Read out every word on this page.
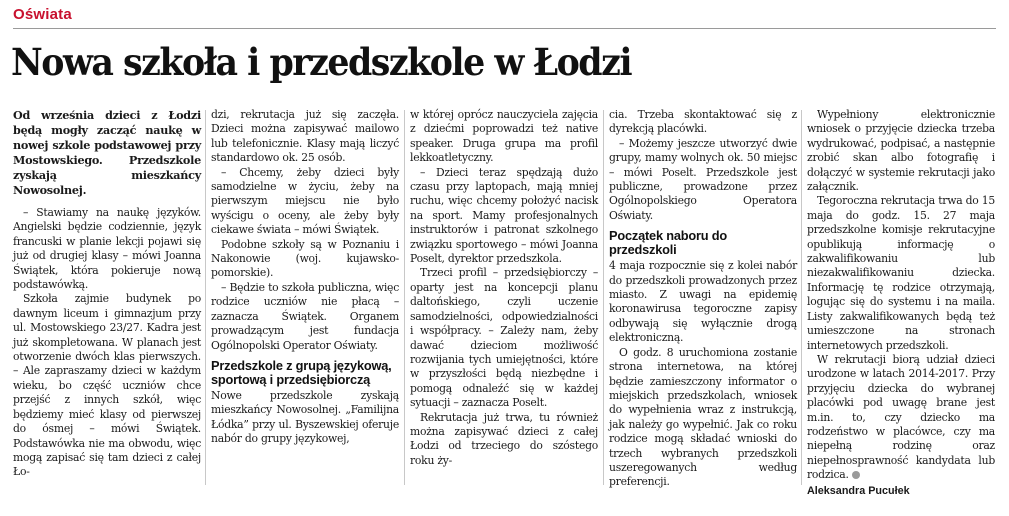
Oświata
Nowa szkoła i przedszkole w Łodzi

Od września dzieci z Łodzi będą mogły zacząć naukę w nowej szkole podstawowej przy Mostowskiego. Przedszkole zyskają mieszkańcy Nowosolnej.

– Stawiamy na naukę języków. Angielski będzie codziennie, język francuski w planie lekcji pojawi się już od drugiej klasy – mówi Joanna Świątek, która pokieruje nową podstawówką.

Szkoła zajmie budynek po dawnym liceum i gimnazjum przy ul. Mostowskiego 23/27. Kadra jest już skompletowana. W planach jest otworzenie dwóch klas pierwszych. – Ale zapraszamy dzieci w każdym wieku, bo część uczniów chce przejść z innych szkół, więc będziemy mieć klasy od pierwszej do ósmej – mówi Świątek. Podstawówka nie ma obwodu, więc mogą zapisać się tam dzieci z całej Ło-

dzi, rekrutacja już się zaczęła. Dzieci można zapisywać mailowo lub telefonicznie. Klasy mają liczyć standardowo ok. 25 osób.

– Chcemy, żeby dzieci były samodzielne w życiu, żeby na pierwszym miejscu nie było wyścigu o oceny, ale żeby były ciekawe świata – mówi Świątek.

Podobne szkoły są w Poznaniu i Nakonowie (woj. kujawsko-pomorskie).

– Będzie to szkoła publiczna, więc rodzice uczniów nie płacą – zaznacza Świątek. Organem prowadzącym jest fundacja Ogólnopolski Operator Oświaty.

Przedszkole z grupą językową, sportową i przedsiębiorczą

Nowe przedszkole zyskają mieszkańcy Nowosolnej. „Familijna Łódka” przy ul. Byszewskiej oferuje nabór do grupy językowej,

w której oprócz nauczyciela zajęcia z dziećmi poprowadzi też native speaker. Druga grupa ma profil lekkoatletyczny.

– Dzieci teraz spędzają dużo czasu przy laptopach, mają mniej ruchu, więc chcemy położyć nacisk na sport. Mamy profesjonalnych instruktorów i patronat szkolnego związku sportowego – mówi Joanna Poselt, dyrektor przedszkola.

Trzeci profil – przedsiębiorczy – oparty jest na koncepcji planu daltońskiego, czyli uczenie samodzielności, odpowiedzialności i współpracy. – Zależy nam, żeby dawać dzieciom możliwość rozwijania tych umiejętności, które w przyszłości będą niezbędne i pomogą odnaleźć się w każdej sytuacji – zaznacza Poselt.

Rekrutacja już trwa, tu również można zapisywać dzieci z całej Łodzi od trzeciego do szóstego roku ży-

cia. Trzeba skontaktować się z dyrekcją placówki.

– Możemy jeszcze utworzyć dwie grupy, mamy wolnych ok. 50 miejsc – mówi Poselt. Przedszkole jest publiczne, prowadzone przez Ogólnopolskiego Operatora Oświaty.

Początek naboru do przedszkoli

4 maja rozpocznie się z kolei nabór do przedszkoli prowadzonych przez miasto. Z uwagi na epidemię koronawirusa tegoroczne zapisy odbywają się wyłącznie drogą elektroniczną.

O godz. 8 uruchomiona zostanie strona internetowa, na której będzie zamieszczony informator o miejskich przedszkolach, wniosek do wypełnienia wraz z instrukcją, jak należy go wypełnić. Jak co roku rodzice mogą składać wnioski do trzech wybranych przedszkoli uszeregowanych według preferencji.

Wypełniony elektronicznie wniosek o przyjęcie dziecka trzeba wydrukować, podpisać, a następnie zrobić skan albo fotografię i dołączyć w systemie rekrutacji jako załącznik.

Tegoroczna rekrutacja trwa do 15 maja do godz. 15. 27 maja przedszkolne komisje rekrutacyjne opublikują informację o zakwalifikowaniu lub niezakwalifikowaniu dziecka. Informację tę rodzice otrzymają, logując się do systemu i na maila. Listy zakwalifikowanych będą też umieszczone na stronach internetowych przedszkoli.

W rekrutacji biorą udział dzieci urodzone w latach 2014-2017. Przy przyjęciu dziecka do wybranej placówki pod uwagę brane jest m.in. to, czy dziecko ma rodzeństwo w placówce, czy ma niepełną rodzinę oraz niepełnosprawność kandydata lub rodzica.

Aleksandra Pucułek
